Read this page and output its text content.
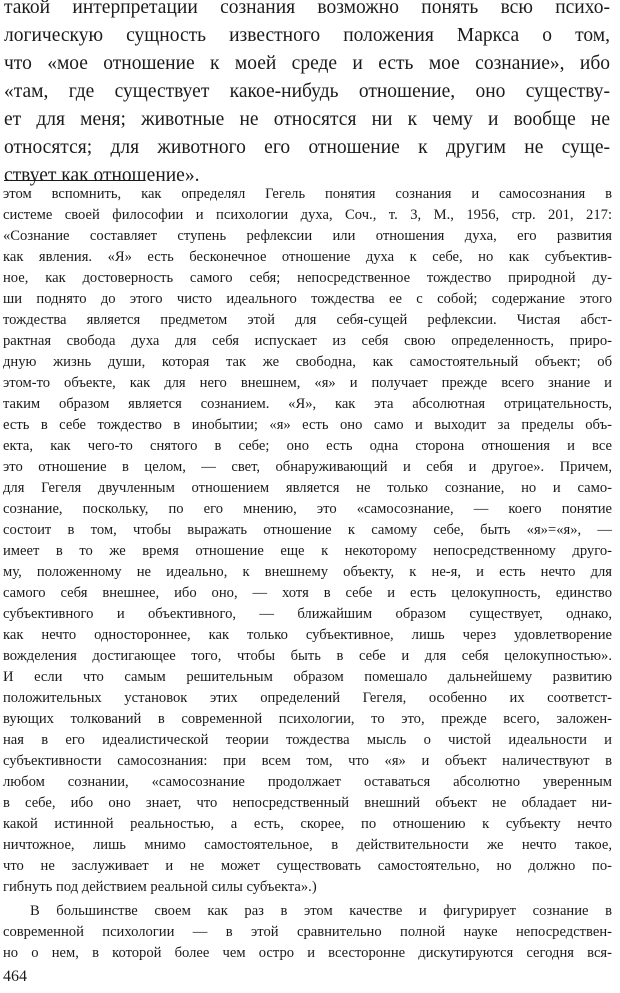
такой интерпретации сознания возможно понять всю психо-
логическую сущность известного положения Маркса о том,
что «мое отношение к моей среде и есть мое сознание», ибо
«там, где существует какое-нибудь отношение, оно существу-
ет для меня; животные не относятся ни к чему и вообще не
относятся; для животного его отношение к другим не суще-
ствует как отношение».
этом вспомнить, как определял Гегель понятия сознания и самосознания в
системе своей философии и психологии духа, Соч., т. 3, М., 1956, стр. 201, 217:
«Сознание составляет ступень рефлексии или отношения духа, его развития
как явления. «Я» есть бесконечное отношение духа к себе, но как субъектив-
ное, как достоверность самого себя; непосредственное тождество природной ду-
ши поднято до этого чисто идеального тождества ее с собой; содержание этого
тождества является предметом этой для себя-сущей рефлексии. Чистая абст-
рактная свобода духа для себя испускает из себя свою определенность, приро-
дную жизнь души, которая так же свободна, как самостоятельный объект; об
этом-то объекте, как для него внешнем, «я» и получает прежде всего знание и
таким образом является сознанием. «Я», как эта абсолютная отрицательность,
есть в себе тождество в инобытии; «я» есть оно само и выходит за пределы объ-
екта, как чего-то снятого в себе; оно есть одна сторона отношения и все
это отношение в целом, — свет, обнаруживающий и себя и другое». Причем,
для Гегеля двучленным отношением является не только сознание, но и само-
сознание, поскольку, по его мнению, это «самосознание, — коего понятие
состоит в том, чтобы выражать отношение к самому себе, быть «я»=«я», —
имеет в то же время отношение еще к некоторому непосредственному друго-
му, положенному не идеально, к внешнему объекту, к не-я, и есть нечто для
самого себя внешнее, ибо оно, — хотя в себе и есть целокупность, единство
субъективного и объективного, — ближайшим образом существует, однако,
как нечто одностороннее, как только субъективное, лишь через удовлетворение
вожделения достигающее того, чтобы быть в себе и для себя целокупностью».
И если что самым решительным образом помешало дальнейшему развитию
положительных установок этих определений Гегеля, особенно их соответст-
вующих толкований в современной психологии, то это, прежде всего, заложен-
ная в его идеалистической теории тождества мысль о чистой идеальности и
субъективности самосознания: при всем том, что «я» и объект наличествуют в
любом сознании, «самосознание продолжает оставаться абсолютно уверенным
в себе, ибо оно знает, что непосредственный внешний объект не обладает ни-
какой истинной реальностью, а есть, скорее, по отношению к субъекту нечто
ничтожное, лишь мнимо самостоятельное, в действительности же нечто такое,
что не заслуживает и не может существовать самостоятельно, но должно по-
гибнуть под действием реальной силы субъекта».)
В большинстве своем как раз в этом качестве и фигурирует сознание в
современной психологии — в этой сравнительно полной науке непосредствен-
но о нем, в которой более чем остро и всесторонне дискутируются сегодня вся-
464
